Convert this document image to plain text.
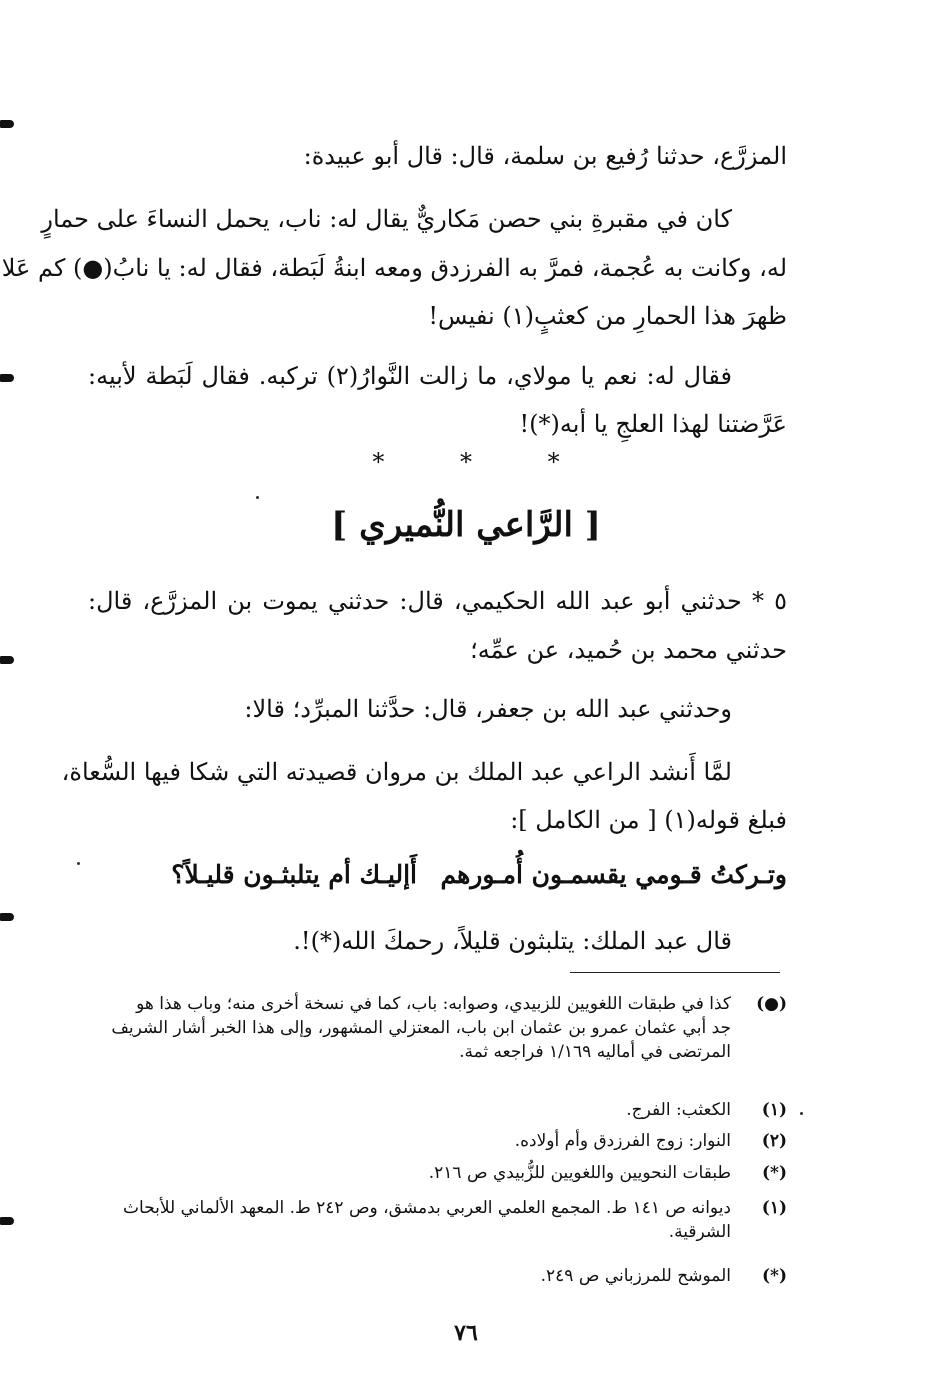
المزرَّع، حدثنا رُفيع بن سلمة، قال: قال أبو عبيدة:
كان في مقبرةِ بني حصن مَكاريٌّ يقال له: ناب، يحمل النساءَ على حمارٍ
له، وكانت به عُجمة، فمرَّ به الفرزدق ومعه ابنةُ لَبَطة، فقال له: يا نابُ(●) كم عَلا
ظهرَ هذا الحمارِ من كعثبٍ(١) نفيس!
فقال له: نعم يا مولاي، ما زالت النَّوارُ(٢) تركبه. فقال لَبَطة لأبيه:
عَرَّضتنا لهذا العلجِ يا أبه(*)!
* * *
[ الرَّاعي النُّميري ]
٥ * حدثني أبو عبد الله الحكيمي، قال: حدثني يموت بن المزرَّع، قال:
حدثني محمد بن حُميد، عن عمِّه؛
وحدثني عبد الله بن جعفر، قال: حدَّثنا المبرِّد؛ قالا:
لمَّا أَنشد الراعي عبد الملك بن مروان قصيدته التي شكا فيها السُّعاة،
فبلغ قوله(١) [ من الكامل ]:
وتـركتُ قـومي يقسمـون أُمـورهم
أَإليـك أم يتلبثـون قليـلاً؟
قال عبد الملك: يتلبثون قليلاً، رحمكَ الله(*)!.
(●)
كذا في طبقات اللغويين للزبيدي، وصوابه: باب، كما في نسخة أخرى منه؛ وباب هذا هو
جد أبي عثمان عمرو بن عثمان ابن باب، المعتزلي المشهور، وإلى هذا الخبر أشار الشريف
المرتضى في أماليه ١/١٦٩ فراجعه ثمة.
(١)
الكعثب: الفرج.
(٢)
النوار: زوج الفرزدق وأم أولاده.
(*)
طبقات النحويين واللغويين للزُّبيدي ص ٢١٦.
(١)
ديوانه ص ١٤١ ط. المجمع العلمي العربي بدمشق، وص ٢٤٢ ط. المعهد الألماني للأبحاث
الشرقية.
(*)
الموشح للمرزباني ص ٢٤٩.
٧٦
